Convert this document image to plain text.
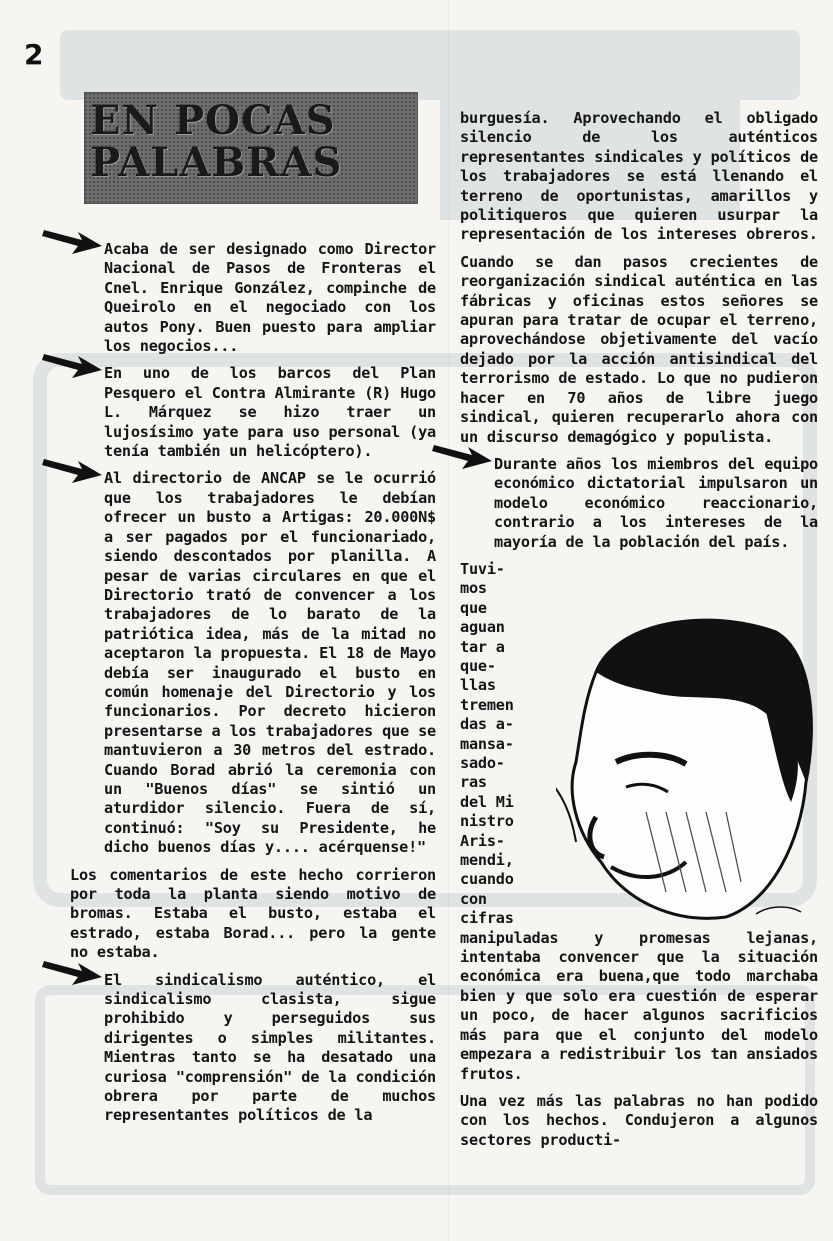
2
EN POCAS
PALABRAS

Acaba de ser designado como Director Nacional de Pasos de Fronteras el Cnel. Enrique González, compinche de Queirolo en el negociado con los autos Pony. Buen puesto para ampliar los negocios...

En uno de los barcos del Plan Pesquero el Contra Almirante (R) Hugo L. Márquez se hizo traer un lujosísimo yate para uso personal (ya tenía también un helicóptero).

Al directorio de ANCAP se le ocurrió que los trabajadores le debían ofrecer un busto a Artigas: 20.000N$ a ser pagados por el funcionariado, siendo descontados por planilla. A pesar de varias circulares en que el Directorio trató de convencer a los trabajadores de lo barato de la patriótica idea, más de la mitad no aceptaron la propuesta. El 18 de Mayo debía ser inaugurado el busto en común homenaje del Directorio y los funcionarios. Por decreto hicieron presentarse a los trabajadores que se mantuvieron a 30 metros del estrado. Cuando Borad abrió la ceremonia con un "Buenos días" se sintió un aturdidor silencio. Fuera de sí, continuó: "Soy su Presidente, he dicho buenos días y.... acérquense!"

Los comentarios de este hecho corrieron por toda la planta siendo motivo de bromas. Estaba el busto, estaba el estrado, estaba Borad... pero la gente no estaba.

El sindicalismo auténtico, el sindicalismo clasista, sigue prohibido y perseguidos sus dirigentes o simples militantes. Mientras tanto se ha desatado una curiosa "comprensión" de la condición obrera por parte de muchos representantes políticos de la

burguesía. Aprovechando el obligado silencio de los auténticos representantes sindicales y políticos de los trabajadores se está llenando el terreno de oportunistas, amarillos y politiqueros que quieren usurpar la representación de los intereses obreros.

Cuando se dan pasos crecientes de reorganización sindical auténtica en las fábricas y oficinas estos señores se apuran para tratar de ocupar el terreno, aprovechándose objetivamente del vacío dejado por la acción antisindical del terrorismo de estado. Lo que no pudieron hacer en 70 años de libre juego sindical, quieren recuperarlo ahora con un discurso demagógico y populista.

Durante años los miembros del equipo económico dictatorial impulsaron un modelo económico reaccionario, contrario a los intereses de la mayoría de la población del país.

Tuvi-
mos
que
aguan
tar a
que-
llas
tremen
das a-
mansa-
sado-
ras
del Mi
nistro
Aris-
mendi,
cuando
con
cifras

manipuladas y promesas lejanas, intentaba convencer que la situación económica era buena,que todo marchaba bien y que solo era cuestión de esperar un poco, de hacer algunos sacrificios más para que el conjunto del modelo empezara a redistribuir los tan ansiados frutos.

Una vez más las palabras no han podido con los hechos. Condujeron a algunos sectores producti-
